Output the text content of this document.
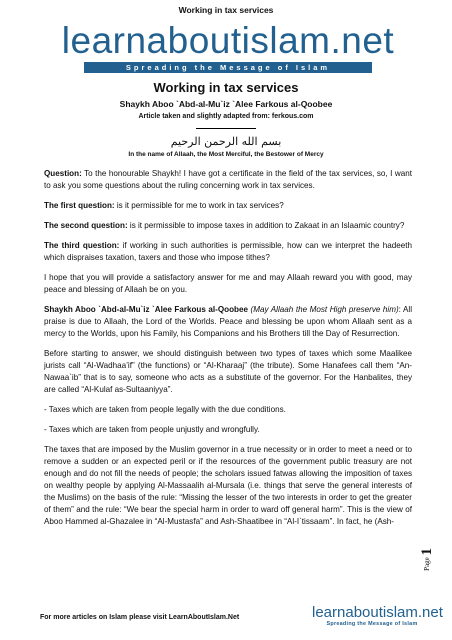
Working in tax services
learnaboutislam.net
Spreading the Message of Islam
Working in tax services
Shaykh Aboo `Abd-al-Mu`iz `Alee Farkous al-Qoobee
Article taken and slightly adapted from: ferkous.com
بسم الله الرحمن الرحيم
In the name of Allaah, the Most Merciful, the Bestower of Mercy

Question: To the honourable Shaykh! I have got a certificate in the field of the tax services, so, I want to ask you some questions about the ruling concerning work in tax services.

The first question: is it permissible for me to work in tax services?

The second question: is it permissible to impose taxes in addition to Zakaat in an Islaamic country?

The third question: if working in such authorities is permissible, how can we interpret the hadeeth which dispraises taxation, taxers and those who impose tithes?

I hope that you will provide a satisfactory answer for me and may Allaah reward you with good, may peace and blessing of Allaah be on you.

Shaykh Aboo `Abd-al-Mu`iz `Alee Farkous al-Qoobee (May Allaah the Most High preserve him): All praise is due to Allaah, the Lord of the Worlds. Peace and blessing be upon whom Allaah sent as a mercy to the Worlds, upon his Family, his Companions and his Brothers till the Day of Resurrection.

Before starting to answer, we should distinguish between two types of taxes which some Maalikee jurists call “Al-Wadhaa’if” (the functions) or “Al-Kharaaj” (the tribute). Some Hanafees call them “An-Nawaa`ib” that is to say, someone who acts as a substitute of the governor. For the Hanbalites, they are called “Al-Kulaf as-Sultaaniyya”.

- Taxes which are taken from people legally with the due conditions.

- Taxes which are taken from people unjustly and wrongfully.

The taxes that are imposed by the Muslim governor in a true necessity or in order to meet a need or to remove a sudden or an expected peril or if the resources of the government public treasury are not enough and do not fill the needs of people; the scholars issued fatwas allowing the imposition of taxes on wealthy people by applying Al-Massaalih al-Mursala (i.e. things that serve the general interests of the Muslims) on the basis of the rule: “Missing the lesser of the two interests in order to get the greater of them” and the rule: “We bear the special harm in order to ward off general harm”. This is the view of Aboo Hammed al-Ghazalee in “Al-Mustasfa” and Ash-Shaatibee in “Al-I`tissaam”. In fact, he (Ash-

Page 1
For more articles on Islam please visit LearnAboutIslam.Net	learnaboutislam.net
Spreading the Message of Islam
